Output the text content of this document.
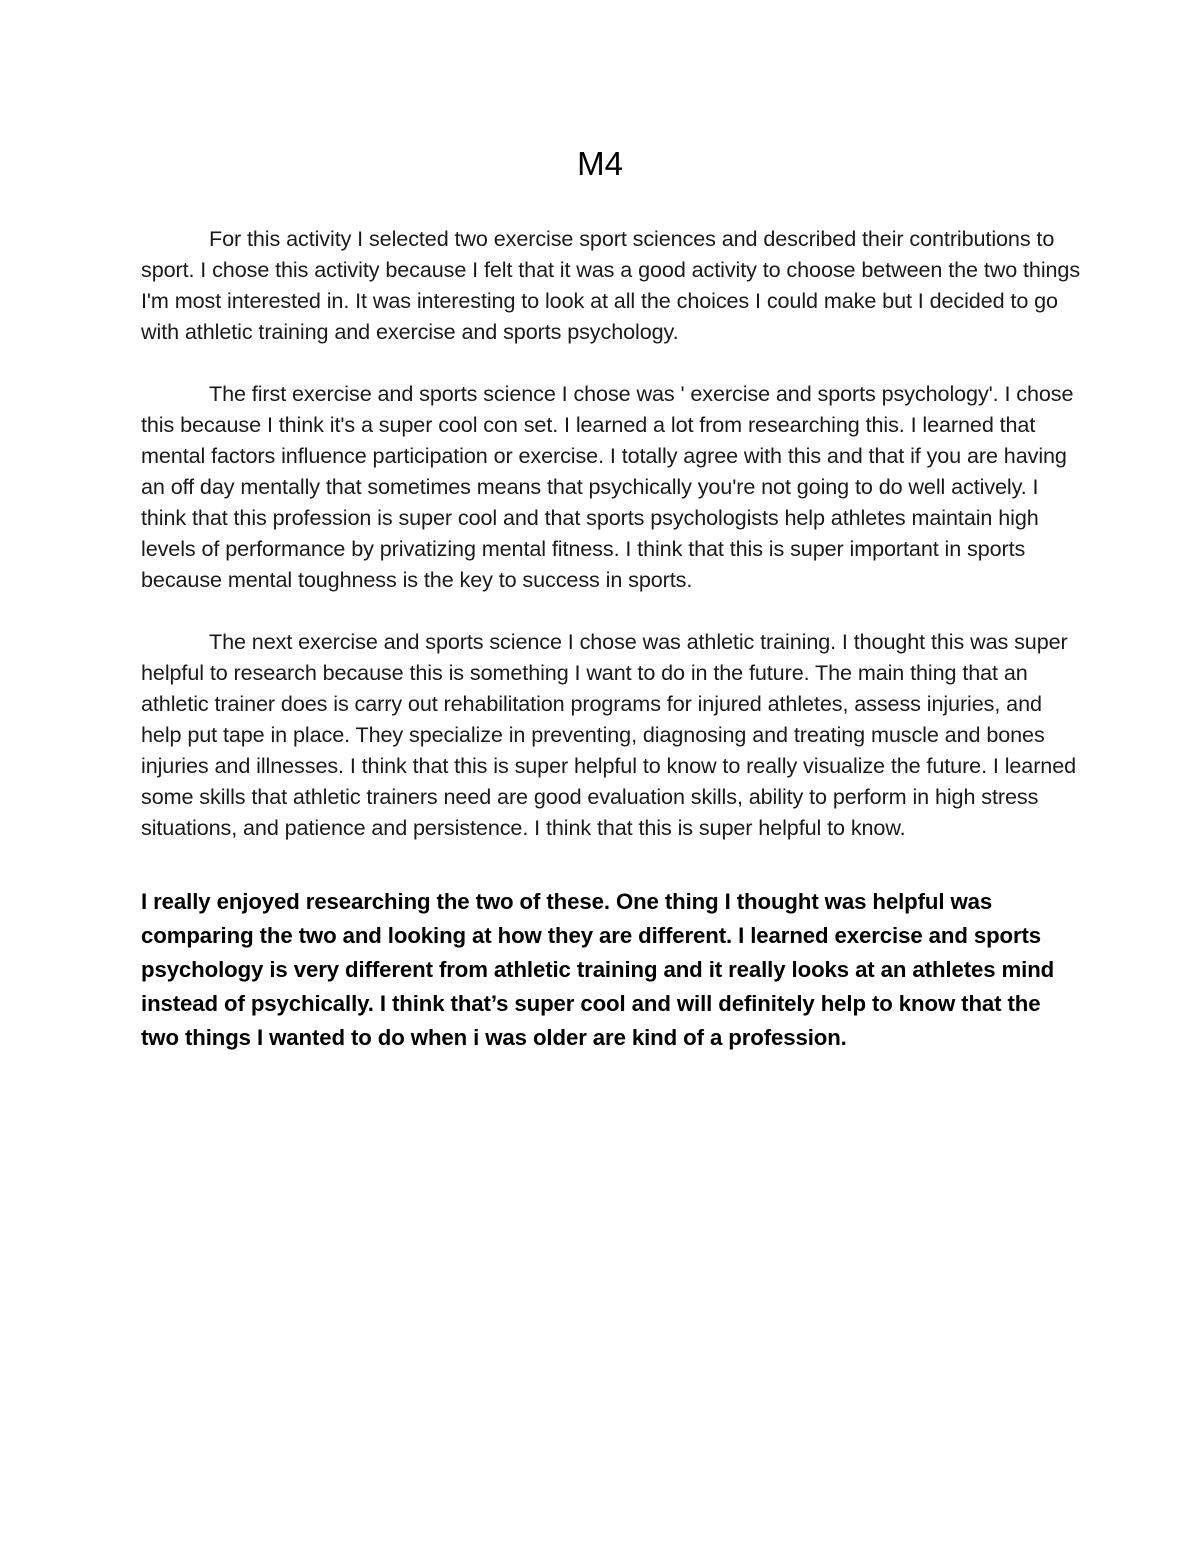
M4

For this activity I selected two exercise sport sciences and described their contributions to sport. I chose this activity because I felt that it was a good activity to choose between the two things I'm most interested in. It was interesting to look at all the choices I could make but I decided to go with athletic training and exercise and sports psychology.

The first exercise and sports science I chose was ' exercise and sports psychology'. I chose this because I think it's a super cool con set. I learned a lot from researching this. I learned that mental factors influence participation or exercise. I totally agree with this and that if you are having an off day mentally that sometimes means that psychically you're not going to do well actively. I think that this profession is super cool and that sports psychologists help athletes maintain high levels of performance by privatizing mental fitness. I think that this is super important in sports because mental toughness is the key to success in sports.

The next exercise and sports science I chose was athletic training. I thought this was super helpful to research because this is something I want to do in the future. The main thing that an athletic trainer does is carry out rehabilitation programs for injured athletes, assess injuries, and help put tape in place. They specialize in preventing, diagnosing and treating muscle and bones injuries and illnesses. I think that this is super helpful to know to really visualize the future. I learned some skills that athletic trainers need are good evaluation skills, ability to perform in high stress situations, and patience and persistence. I think that this is super helpful to know.

I really enjoyed researching the two of these. One thing I thought was helpful was comparing the two and looking at how they are different. I learned exercise and sports psychology is very different from athletic training and it really looks at an athletes mind instead of psychically. I think that’s super cool and will definitely help to know that the two things I wanted to do when i was older are kind of a profession.
